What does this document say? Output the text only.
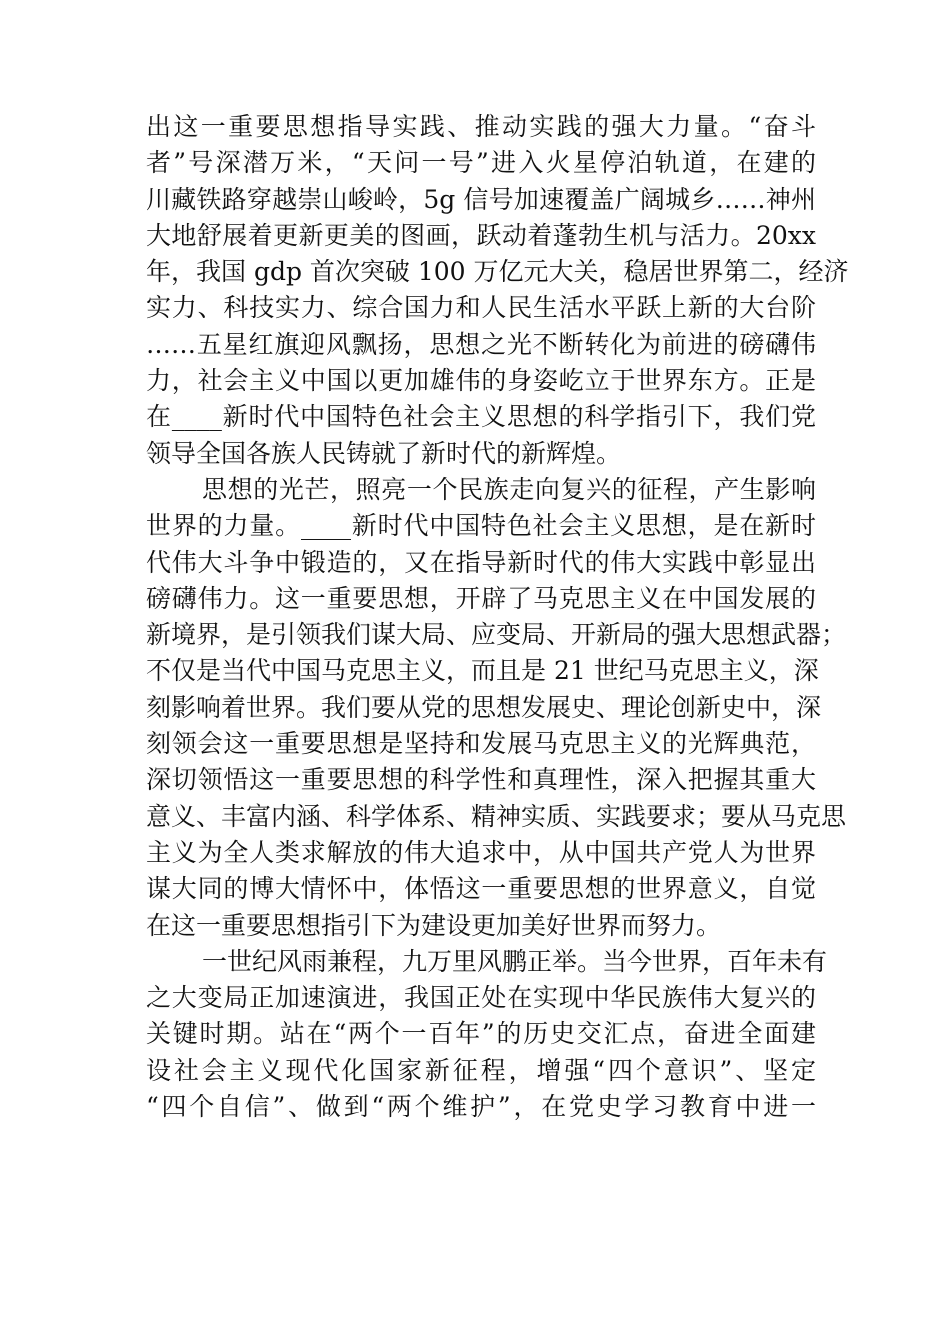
出这一重要思想指导实践、推动实践的强大力量。“奋斗
者”号深潜万米，“天问一号”进入火星停泊轨道，在建的
川藏铁路穿越崇山峻岭，5g 信号加速覆盖广阔城乡……神州
大地舒展着更新更美的图画，跃动着蓬勃生机与活力。20xx
年，我国 gdp 首次突破 100 万亿元大关，稳居世界第二，经济
实力、科技实力、综合国力和人民生活水平跃上新的大台阶
……五星红旗迎风飘扬，思想之光不断转化为前进的磅礴伟
力，社会主义中国以更加雄伟的身姿屹立于世界东方。正是
在____新时代中国特色社会主义思想的科学指引下，我们党
领导全国各族人民铸就了新时代的新辉煌。
思想的光芒，照亮一个民族走向复兴的征程，产生影响
世界的力量。____新时代中国特色社会主义思想，是在新时
代伟大斗争中锻造的，又在指导新时代的伟大实践中彰显出
磅礴伟力。这一重要思想，开辟了马克思主义在中国发展的
新境界，是引领我们谋大局、应变局、开新局的强大思想武器；
不仅是当代中国马克思主义，而且是 21 世纪马克思主义，深
刻影响着世界。我们要从党的思想发展史、理论创新史中，深
刻领会这一重要思想是坚持和发展马克思主义的光辉典范，
深切领悟这一重要思想的科学性和真理性，深入把握其重大
意义、丰富内涵、科学体系、精神实质、实践要求；要从马克思
主义为全人类求解放的伟大追求中，从中国共产党人为世界
谋大同的博大情怀中，体悟这一重要思想的世界意义，自觉
在这一重要思想指引下为建设更加美好世界而努力。
一世纪风雨兼程，九万里风鹏正举。当今世界，百年未有
之大变局正加速演进，我国正处在实现中华民族伟大复兴的
关键时期。站在“两个一百年”的历史交汇点，奋进全面建
设社会主义现代化国家新征程，增强“四个意识”、坚定
“四个自信”、做到“两个维护”，在党史学习教育中进一
